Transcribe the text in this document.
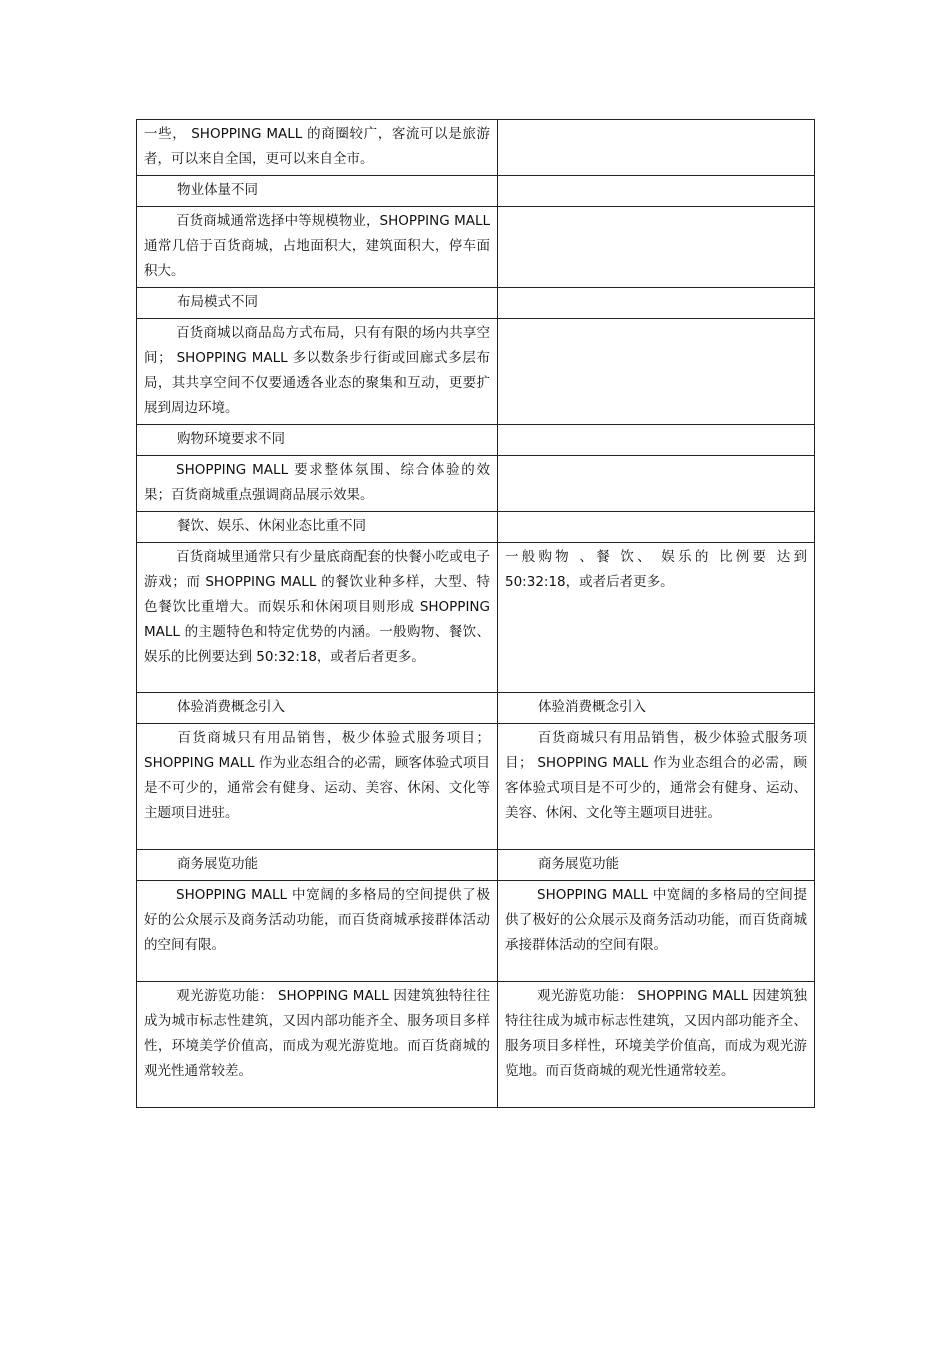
一些， SHOPPING MALL 的商圈较广，客流可以是旅游者，可以来自全国，更可以来自全市。	
物业体量不同	
百货商城通常选择中等规模物业，SHOPPING MALL 通常几倍于百货商城，占地面积大，建筑面积大，停车面积大。	
布局模式不同	
百货商城以商品岛方式布局，只有有限的场内共享空间； SHOPPING MALL 多以数条步行街或回廊式多层布局，其共享空间不仅要通透各业态的聚集和互动，更要扩展到周边环境。	
购物环境要求不同	
SHOPPING MALL 要求整体氛围、综合体验的效果；百货商城重点强调商品展示效果。	
餐饮、娱乐、休闲业态比重不同	
百货商城里通常只有少量底商配套的快餐小吃或电子游戏；而 SHOPPING MALL 的餐饮业种多样，大型、特色餐饮比重增大。而娱乐和休闲项目则形成 SHOPPING MALL 的主题特色和特定优势的内涵。一般购物、餐饮、娱乐的比例要达到 50:32:18，或者后者更多。	一般购物 、餐 饮、 娱乐的 比例要 达到 50:32:18，或者后者更多。
体验消费概念引入	体验消费概念引入
百货商城只有用品销售，极少体验式服务项目； SHOPPING MALL 作为业态组合的必需，顾客体验式项目是不可少的，通常会有健身、运动、美容、休闲、文化等主题项目进驻。	百货商城只有用品销售，极少体验式服务项目； SHOPPING MALL 作为业态组合的必需，顾客体验式项目是不可少的，通常会有健身、运动、美容、休闲、文化等主题项目进驻。
商务展览功能	商务展览功能
SHOPPING MALL 中宽阔的多格局的空间提供了极好的公众展示及商务活动功能，而百货商城承接群体活动的空间有限。	SHOPPING MALL 中宽阔的多格局的空间提供了极好的公众展示及商务活动功能，而百货商城承接群体活动的空间有限。
观光游览功能： SHOPPING MALL 因建筑独特往往成为城市标志性建筑，又因内部功能齐全、服务项目多样性，环境美学价值高，而成为观光游览地。而百货商城的观光性通常较差。	观光游览功能： SHOPPING MALL 因建筑独特往往成为城市标志性建筑，又因内部功能齐全、服务项目多样性，环境美学价值高，而成为观光游览地。而百货商城的观光性通常较差。
